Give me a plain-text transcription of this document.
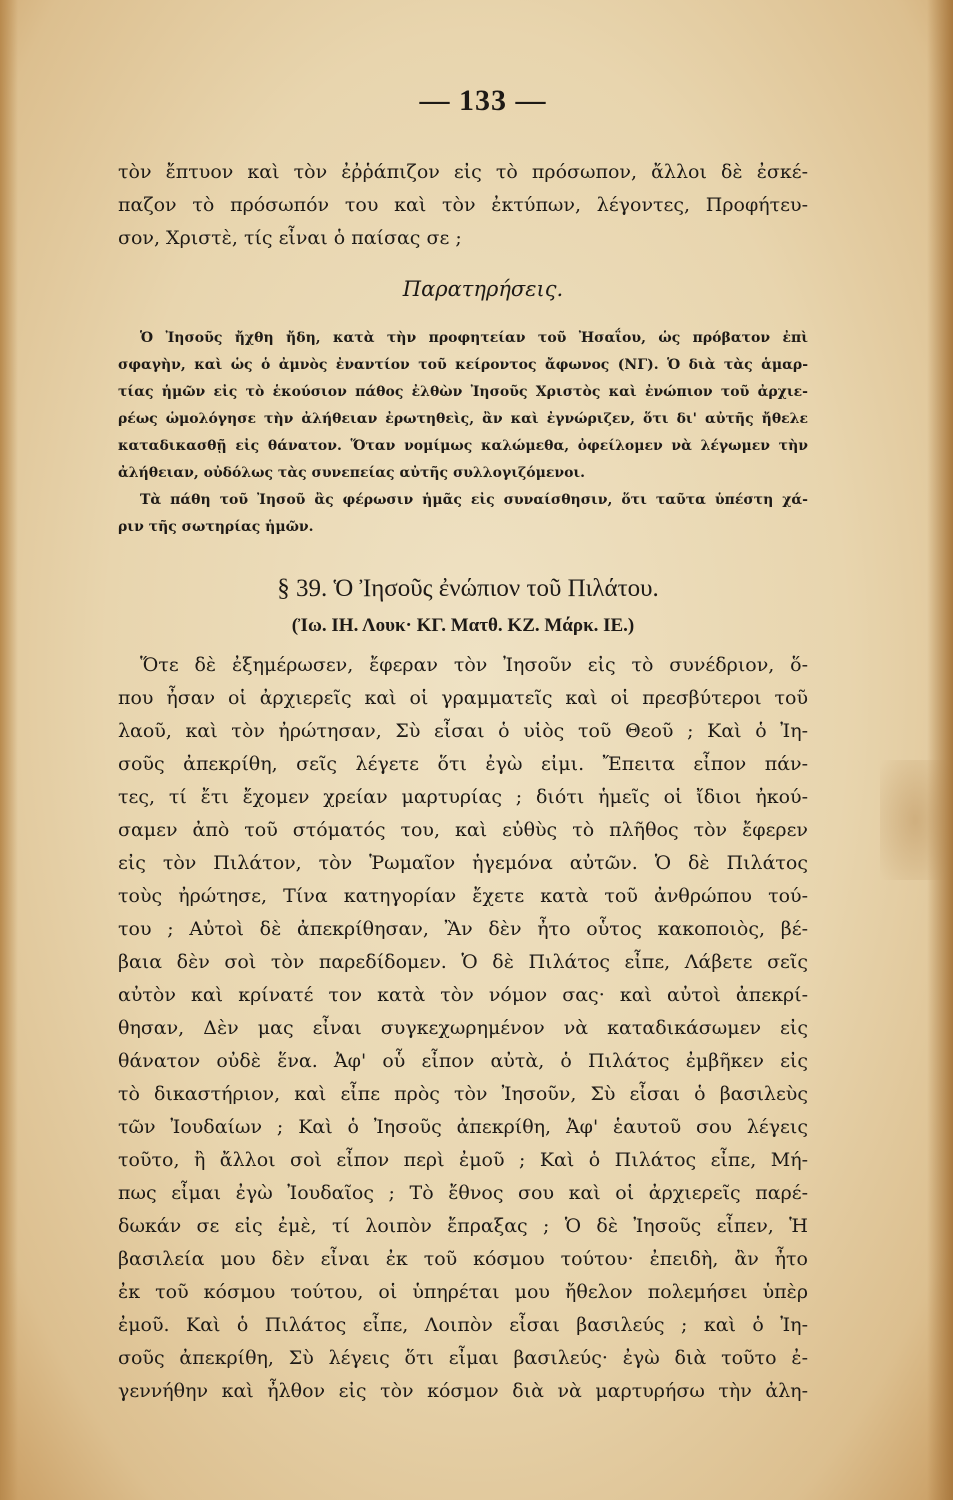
— 133 —
τὸν ἔπτυον καὶ τὸν ἐῤῥάπιζον εἰς τὸ πρόσωπον, ἄλλοι δὲ ἐσκέ-
παζον τὸ πρόσωπόν του καὶ τὸν ἐκτύπων, λέγοντες, Προφήτευ-
σον, Χριστὲ, τίς εἶναι ὁ παίσας σε ;
Παρατηρήσεις.
Ὁ Ἰησοῦς ἤχθη ἤδη, κατὰ τὴν προφητείαν τοῦ Ἠσαΐου, ὡς πρόβατον ἐπὶ
σφαγὴν, καὶ ὡς ὁ ἀμνὸς ἐναντίον τοῦ κείροντος ἄφωνος (ΝΓ). Ὁ διὰ τὰς ἁμαρ-
τίας ἡμῶν εἰς τὸ ἑκούσιον πάθος ἐλθὼν Ἰησοῦς Χριστὸς καὶ ἐνώπιον τοῦ ἀρχιε-
ρέως ὡμολόγησε τὴν ἀλήθειαν ἐρωτηθεὶς, ἂν καὶ ἐγνώριζεν, ὅτι δι' αὐτῆς ἤθελε
καταδικασθῇ εἰς θάνατον. Ὅταν νομίμως καλώμεθα, ὀφείλομεν νὰ λέγωμεν τὴν
ἀλήθειαν, οὐδόλως τὰς συνεπείας αὐτῆς συλλογιζόμενοι.
Τὰ πάθη τοῦ Ἰησοῦ ἂς φέρωσιν ἡμᾶς εἰς συναίσθησιν, ὅτι ταῦτα ὑπέστη χά-
ριν τῆς σωτηρίας ἡμῶν.
§ 39. Ὁ Ἰησοῦς ἐνώπιον τοῦ Πιλάτου.
(Ἰω. ΙΗ. Λουκ· ΚΓ. Ματθ. ΚΖ. Μάρκ. ΙΕ.)
Ὅτε δὲ ἐξημέρωσεν, ἔφεραν τὸν Ἰησοῦν εἰς τὸ συνέδριον, ὅ-
που ἦσαν οἱ ἀρχιερεῖς καὶ οἱ γραμματεῖς καὶ οἱ πρεσβύτεροι τοῦ
λαοῦ, καὶ τὸν ἠρώτησαν, Σὺ εἶσαι ὁ υἱὸς τοῦ Θεοῦ ; Καὶ ὁ Ἰη-
σοῦς ἀπεκρίθη, σεῖς λέγετε ὅτι ἐγὼ εἰμι. Ἔπειτα εἶπον πάν-
τες, τί ἔτι ἔχομεν χρείαν μαρτυρίας ; διότι ἡμεῖς οἱ ἴδιοι ἠκού-
σαμεν ἀπὸ τοῦ στόματός του, καὶ εὐθὺς τὸ πλῆθος τὸν ἔφερεν
εἰς τὸν Πιλάτον, τὸν Ῥωμαῖον ἡγεμόνα αὐτῶν. Ὁ δὲ Πιλάτος
τοὺς ἠρώτησε, Τίνα κατηγορίαν ἔχετε κατὰ τοῦ ἀνθρώπου τού-
του ; Αὐτοὶ δὲ ἀπεκρίθησαν, Ἂν δὲν ἦτο οὗτος κακοποιὸς, βέ-
βαια δὲν σοὶ τὸν παρεδίδομεν. Ὁ δὲ Πιλάτος εἶπε, Λάβετε σεῖς
αὐτὸν καὶ κρίνατέ τον κατὰ τὸν νόμον σας· καὶ αὐτοὶ ἀπεκρί-
θησαν, Δὲν μας εἶναι συγκεχωρημένον νὰ καταδικάσωμεν εἰς
θάνατον οὐδὲ ἕνα. Ἀφ' οὗ εἶπον αὐτὰ, ὁ Πιλάτος ἐμβῆκεν εἰς
τὸ δικαστήριον, καὶ εἶπε πρὸς τὸν Ἰησοῦν, Σὺ εἶσαι ὁ βασιλεὺς
τῶν Ἰουδαίων ; Καὶ ὁ Ἰησοῦς ἀπεκρίθη, Ἀφ' ἑαυτοῦ σου λέγεις
τοῦτο, ἢ ἄλλοι σοὶ εἶπον περὶ ἐμοῦ ; Καὶ ὁ Πιλάτος εἶπε, Μή-
πως εἶμαι ἐγὼ Ἰουδαῖος ; Τὸ ἔθνος σου καὶ οἱ ἀρχιερεῖς παρέ-
δωκάν σε εἰς ἐμὲ, τί λοιπὸν ἔπραξας ; Ὁ δὲ Ἰησοῦς εἶπεν, Ἡ
βασιλεία μου δὲν εἶναι ἐκ τοῦ κόσμου τούτου· ἐπειδὴ, ἂν ἦτο
ἐκ τοῦ κόσμου τούτου, οἱ ὑπηρέται μου ἤθελον πολεμήσει ὑπὲρ
ἐμοῦ. Καὶ ὁ Πιλάτος εἶπε, Λοιπὸν εἶσαι βασιλεύς ; καὶ ὁ Ἰη-
σοῦς ἀπεκρίθη, Σὺ λέγεις ὅτι εἶμαι βασιλεύς· ἐγὼ διὰ τοῦτο ἐ-
γεννήθην καὶ ἦλθον εἰς τὸν κόσμον διὰ νὰ μαρτυρήσω τὴν ἀλη-
